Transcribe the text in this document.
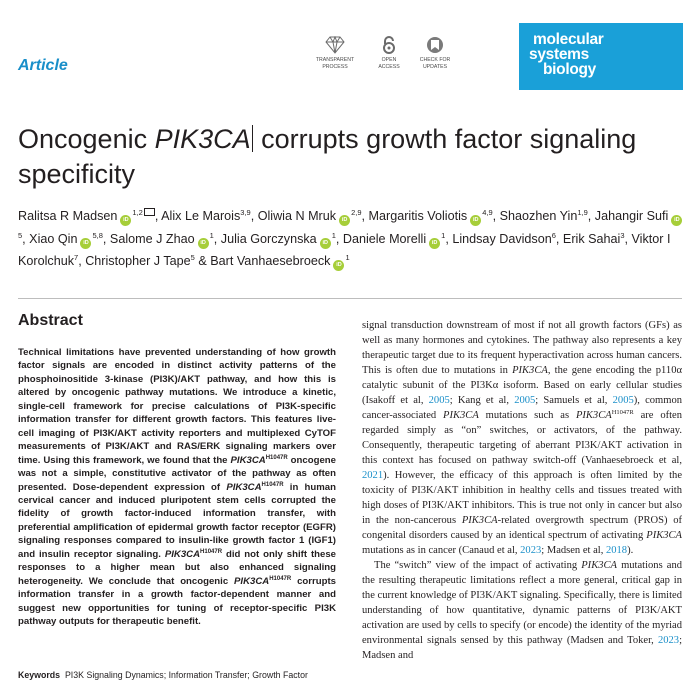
Article	TRANSPARENT
PROCESS
OPEN
ACCESS
CHECK FOR
UPDATES
molecular
systems
biology
Oncogenic PIK3CA corrupts growth factor signaling specificity
Ralitsa R Madsen iD$^{1,2}$ , Alix Le Marois$^{3,9}$, Oliwia N Mruk iD$^{2,9}$, Margaritis Voliotis iD$^{4,9}$, Shaozhen Yin$^{1,9}$, Jahangir Sufi $iD^5$, Xiao Qin iD$^{5,8}$, Salome J Zhao $iD^1$, Julia Gorczynska $iD^1$, Daniele Morelli $iD^1$, Lindsay Davidson$^6$, Erik Sahai$^3$, Viktor I Korolchuk$^7$, Christopher J Tape$^5$ & Bart Vanhaesebroeck $iD^1$
Abstract
Technical limitations have prevented understanding of how growth factor signals are encoded in distinct activity patterns of the phosphoinositide 3-kinase (PI3K)/AKT pathway, and how this is altered by oncogenic pathway mutations. We introduce a kinetic, single-cell framework for precise calculations of PI3K-specific information transfer for different growth factors. This features live-cell imaging of PI3K/AKT activity reporters and multiplexed CyTOF measurements of PI3K/AKT and RAS/ERK signaling markers over time. Using this framework, we found that the $PIK3CA^{H1047R}$ oncogene was not a simple, constitutive activator of the pathway as often presented. Dose-dependent expression of $PIK3CA^{H1047R}$ in human cervical cancer and induced pluripotent stem cells corrupted the fidelity of growth factor-induced information transfer, with preferential amplification of epidermal growth factor receptor (EGFR) signaling responses compared to insulin-like growth factor 1 (IGF1) and insulin receptor signaling. $PIK3CA^{H1047R}$ did not only shift these responses to a higher mean but also enhanced signaling heterogeneity. We conclude that oncogenic $PIK3CA^{H1047R}$ corrupts information transfer in a growth factor-dependent manner and suggest new opportunities for tuning of receptor-specific PI3K pathway outputs for therapeutic benefit.
Keywords PI3K Signaling Dynamics; Information Transfer; Growth Factor

signal transduction downstream of most if not all growth factors (GFs) as well as many hormones and cytokines. The pathway also represents a key therapeutic target due to its frequent hyperactivation across human cancers. This is often due to mutations in PIK3CA, the gene encoding the p110α catalytic subunit of the PI3Kα isoform. Based on early cellular studies (Isakoff et al, 2005; Kang et al, 2005; Samuels et al, 2005), common cancer-associated PIK3CA mutations such as $PIK3CA^{H1047R}$ are often regarded simply as “on” switches, or activators, of the pathway. Consequently, therapeutic targeting of aberrant PI3K/AKT activation in this context has focused on pathway switch-off (Vanhaesebroeck et al, 2021). However, the efficacy of this approach is often limited by the toxicity of PI3K/AKT inhibition in healthy cells and tissues treated with high doses of PI3K/AKT inhibitors. This is true not only in cancer but also in the non-cancerous PIK3CA-related overgrowth spectrum (PROS) of congenital disorders caused by an identical spectrum of activating PIK3CA mutations as in cancer (Canaud et al, 2023; Madsen et al, 2018).

The “switch” view of the impact of activating PIK3CA mutations and the resulting therapeutic limitations reflect a more general, critical gap in the current knowledge of PI3K/AKT signaling. Specifically, there is limited understanding of how quantitative, dynamic patterns of PI3K/AKT activation are used by cells to specify (or encode) the identity of the myriad environmental signals sensed by this pathway (Madsen and Toker, 2023; Madsen and
